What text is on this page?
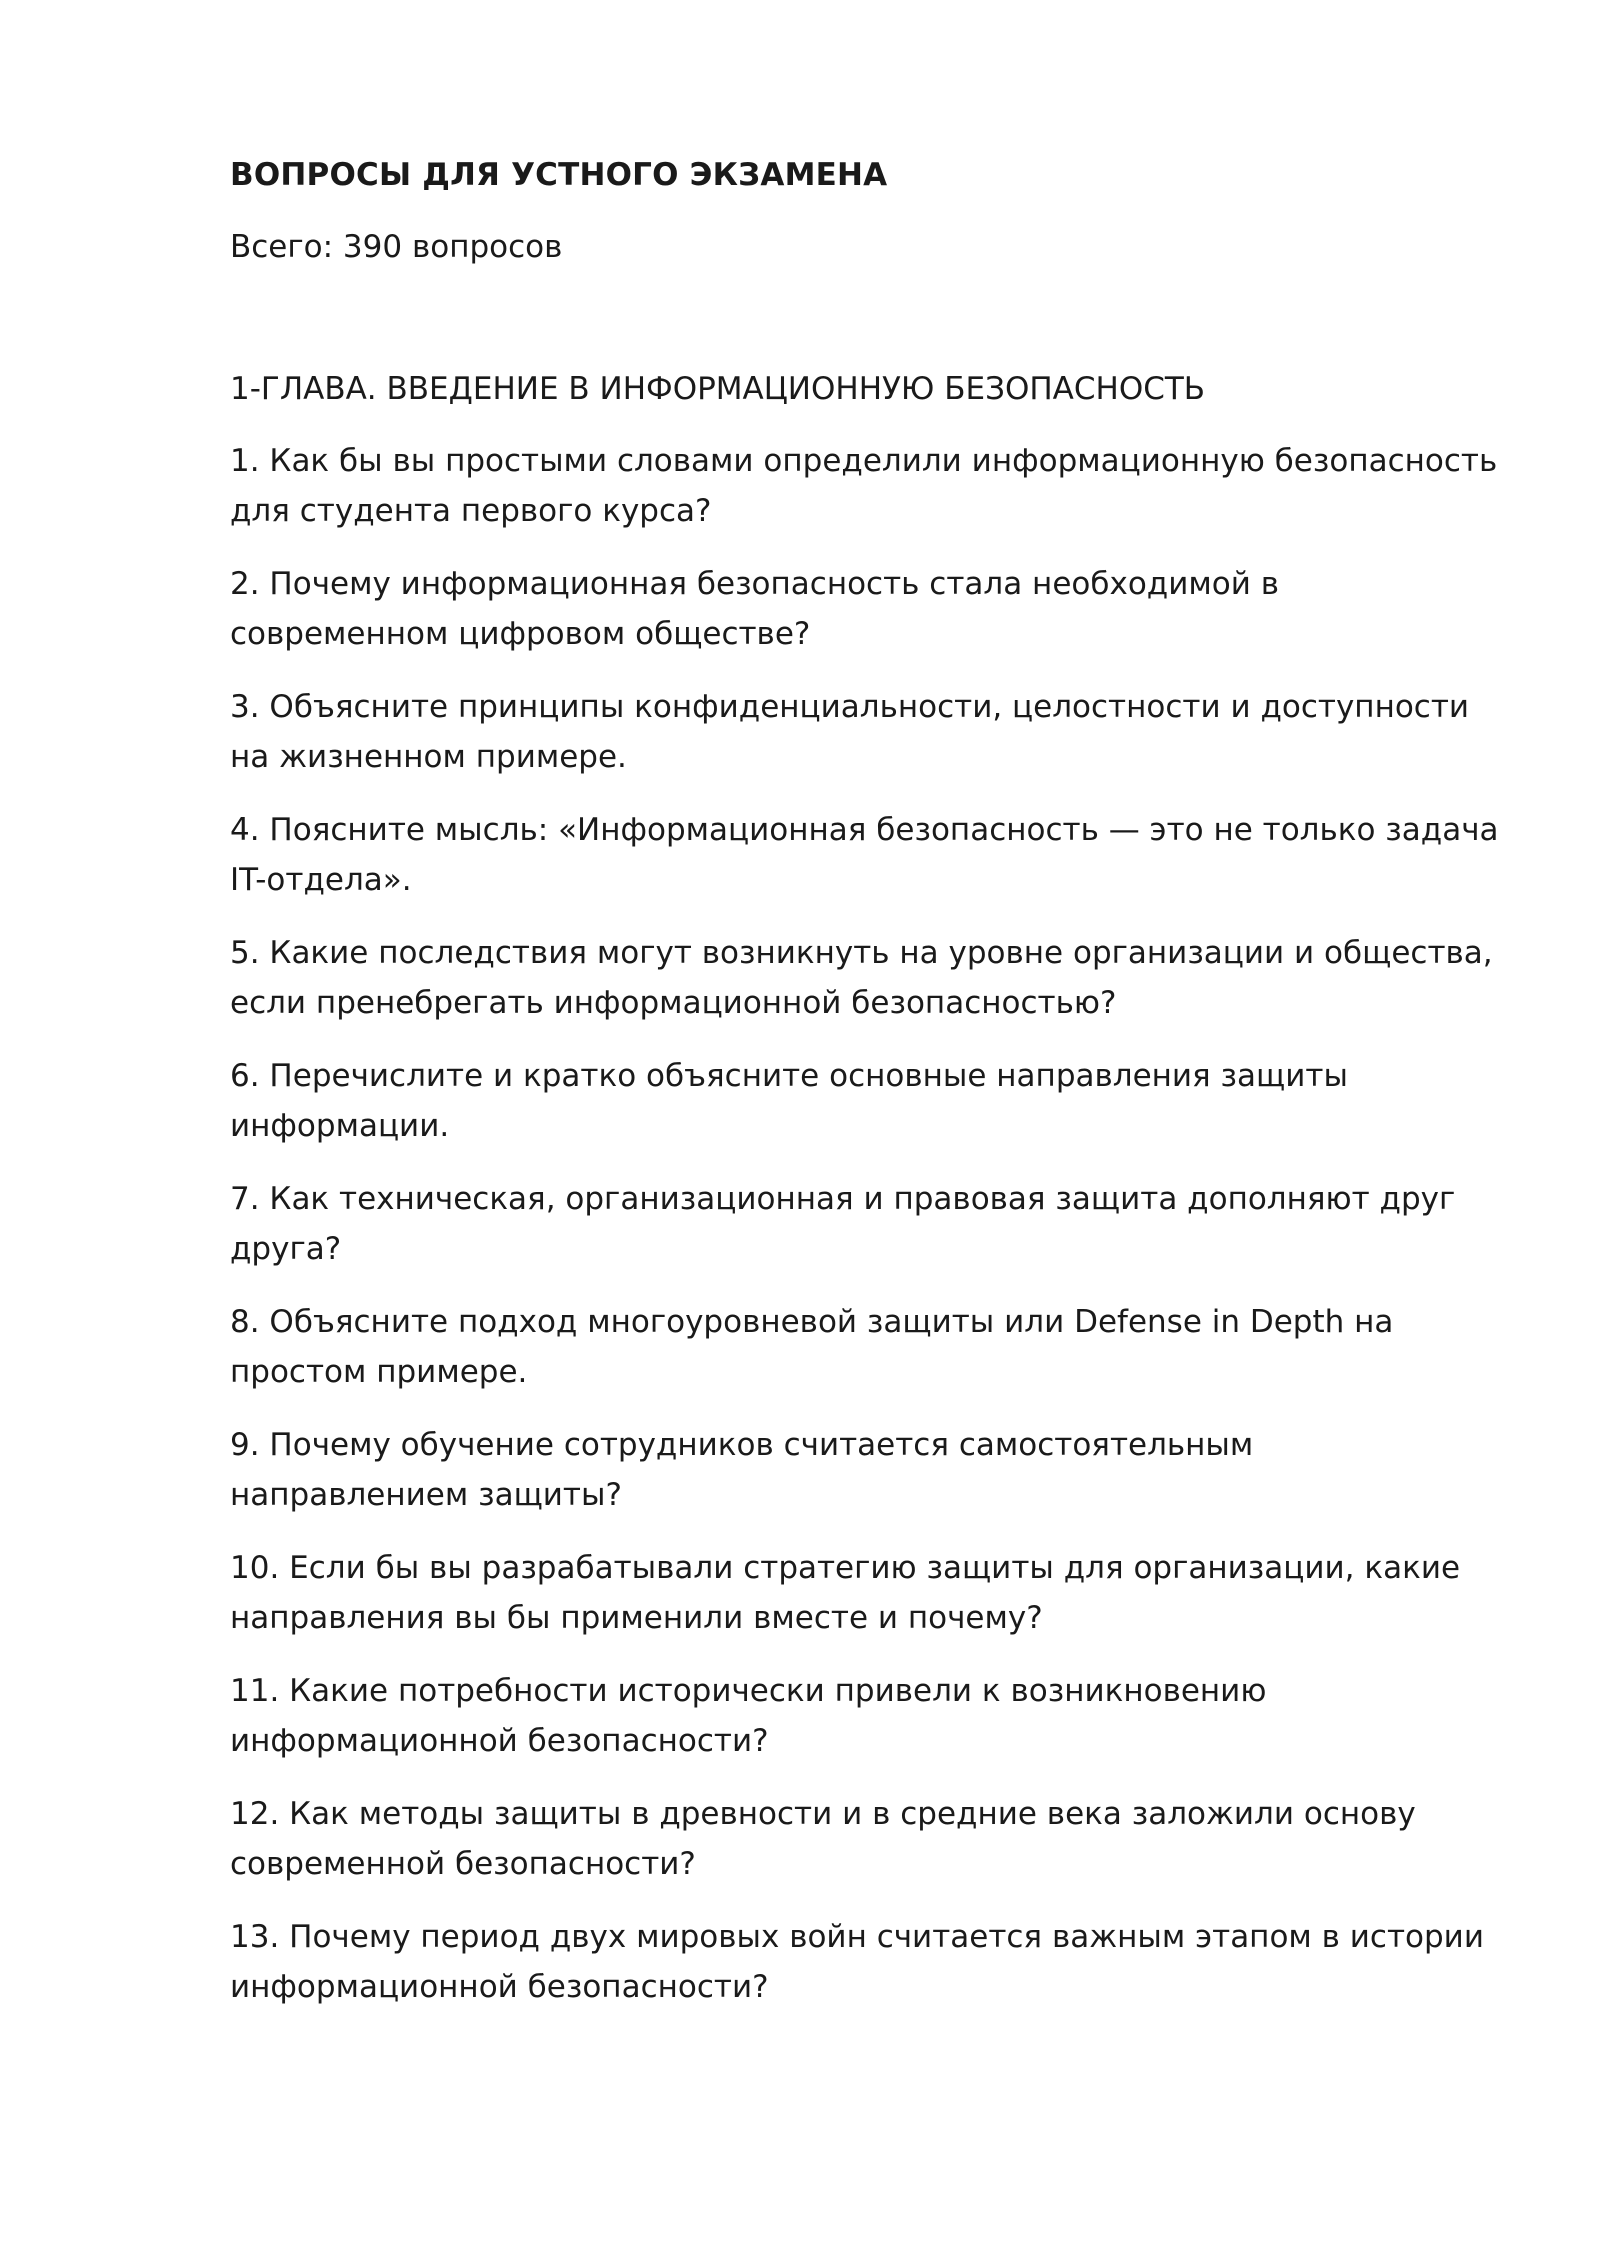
ВОПРОСЫ ДЛЯ УСТНОГО ЭКЗАМЕНА
Всего: 390 вопросов
1-ГЛАВА. ВВЕДЕНИЕ В ИНФОРМАЦИОННУЮ БЕЗОПАСНОСТЬ
1. Как бы вы простыми словами определили информационную безопасность для студента первого курса?
2. Почему информационная безопасность стала необходимой в современном цифровом обществе?
3. Объясните принципы конфиденциальности, целостности и доступности на жизненном примере.
4. Поясните мысль: «Информационная безопасность — это не только задача IT-отдела».
5. Какие последствия могут возникнуть на уровне организации и общества, если пренебрегать информационной безопасностью?
6. Перечислите и кратко объясните основные направления защиты информации.
7. Как техническая, организационная и правовая защита дополняют друг друга?
8. Объясните подход многоуровневой защиты или Defense in Depth на простом примере.
9. Почему обучение сотрудников считается самостоятельным направлением защиты?
10. Если бы вы разрабатывали стратегию защиты для организации, какие направления вы бы применили вместе и почему?
11. Какие потребности исторически привели к возникновению информационной безопасности?
12. Как методы защиты в древности и в средние века заложили основу современной безопасности?
13. Почему период двух мировых войн считается важным этапом в истории информационной безопасности?
